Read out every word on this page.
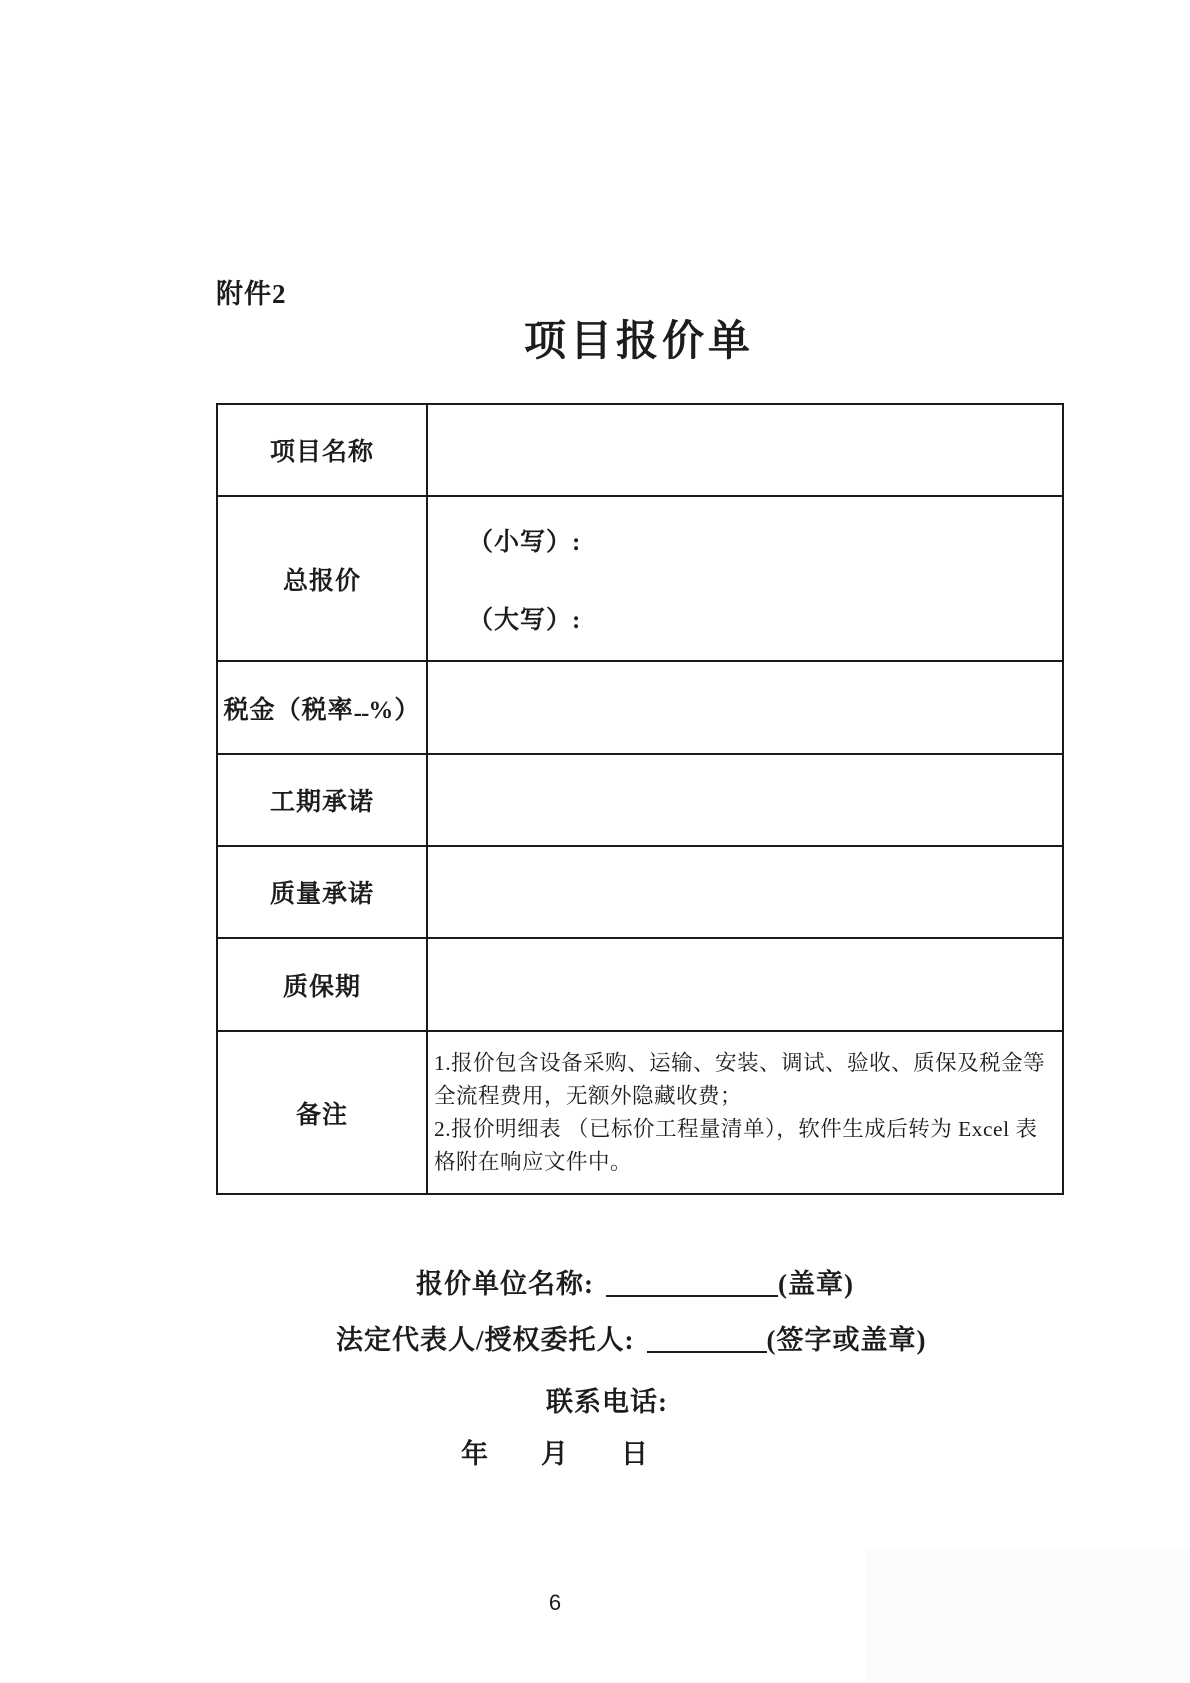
附件2
项目报价单
项目名称	
总报价	（小写）:
（大写）:

税金（税率--%）	
工期承诺	
质量承诺	
质保期	
备注	1.报价包含设备采购、运输、安装、调试、验收、质保及税金等全流程费用，无额外隐藏收费；
2.报价明细表 （已标价工程量清单），软件生成后转为 Excel 表格附在响应文件中。
报价单位名称:	(盖章)
法定代表人/授权委托人:	(签字或盖章)
联系电话:
年 月 日
6
